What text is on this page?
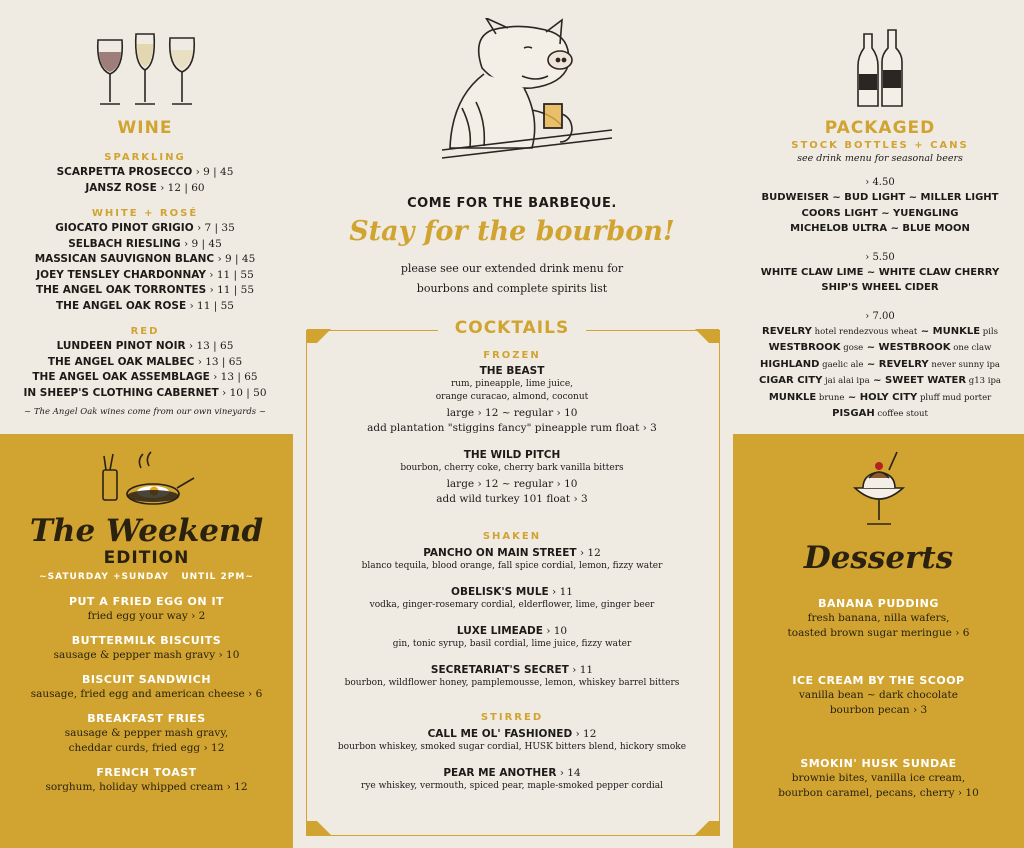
WINE
SPARKLING
SCARPETTA PROSECCO › 9 | 45
JANSZ ROSE › 12 | 60
WHITE + ROSÉ
GIOCATO PINOT GRIGIO › 7 | 35
SELBACH RIESLING › 9 | 45
MASSICAN SAUVIGNON BLANC › 9 | 45
JOEY TENSLEY CHARDONNAY › 11 | 55
THE ANGEL OAK TORRONTES › 11 | 55
THE ANGEL OAK ROSE › 11 | 55
RED
LUNDEEN PINOT NOIR › 13 | 65
THE ANGEL OAK MALBEC › 13 | 65
THE ANGEL OAK ASSEMBLAGE › 13 | 65
IN SHEEP'S CLOTHING CABERNET › 10 | 50
~ The Angel Oak wines come from our own vineyards ~
The Weekend
EDITION
~SATURDAY +SUNDAY   UNTIL 2PM~
PUT A FRIED EGG ON IT
fried egg your way › 2
BUTTERMILK BISCUITS
sausage & pepper mash gravy › 10
BISCUIT SANDWICH
sausage, fried egg and american cheese › 6
BREAKFAST FRIES
sausage & pepper mash gravy,
cheddar curds, fried egg › 12
FRENCH TOAST
sorghum, holiday whipped cream › 12
COME FOR THE BARBEQUE.
Stay for the bourbon!
please see our extended drink menu for
bourbons and complete spirits list
COCKTAILS
FROZEN
THE BEAST
rum, pineapple, lime juice,
orange curacao, almond, coconut
large › 12 ~ regular › 10
add plantation "stiggins fancy" pineapple rum float › 3
THE WILD PITCH
bourbon, cherry coke, cherry bark vanilla bitters
large › 12 ~ regular › 10
add wild turkey 101 float › 3
SHAKEN
PANCHO ON MAIN STREET › 12
blanco tequila, blood orange, fall spice cordial, lemon, fizzy water
OBELISK'S MULE › 11
vodka, ginger-rosemary cordial, elderflower, lime, ginger beer
LUXE LIMEADE › 10
gin, tonic syrup, basil cordial, lime juice, fizzy water
SECRETARIAT'S SECRET › 11
bourbon, wildflower honey, pamplemousse, lemon, whiskey barrel bitters
STIRRED
CALL ME OL' FASHIONED › 12
bourbon whiskey, smoked sugar cordial, HUSK bitters blend, hickory smoke
PEAR ME ANOTHER › 14
rye whiskey, vermouth, spiced pear, maple-smoked pepper cordial
PACKAGED
STOCK BOTTLES + CANS
see drink menu for seasonal beers
› 4.50
BUDWEISER ~ BUD LIGHT ~ MILLER LIGHT
COORS LIGHT ~ YUENGLING
MICHELOB ULTRA ~ BLUE MOON
› 5.50
WHITE CLAW LIME ~ WHITE CLAW CHERRY
SHIP'S WHEEL CIDER
› 7.00
REVELRY hotel rendezvous wheat ~ MUNKLE pils
WESTBROOK gose ~ WESTBROOK one claw
HIGHLAND gaelic ale ~ REVELRY never sunny ipa
CIGAR CITY jai alai ipa ~ SWEET WATER g13 ipa
MUNKLE brune ~ HOLY CITY pluff mud porter
PISGAH coffee stout
Desserts
BANANA PUDDING
fresh banana, nilla wafers,
toasted brown sugar meringue › 6
ICE CREAM BY THE SCOOP
vanilla bean ~ dark chocolate
bourbon pecan › 3
SMOKIN' HUSK SUNDAE
brownie bites, vanilla ice cream,
bourbon caramel, pecans, cherry › 10
